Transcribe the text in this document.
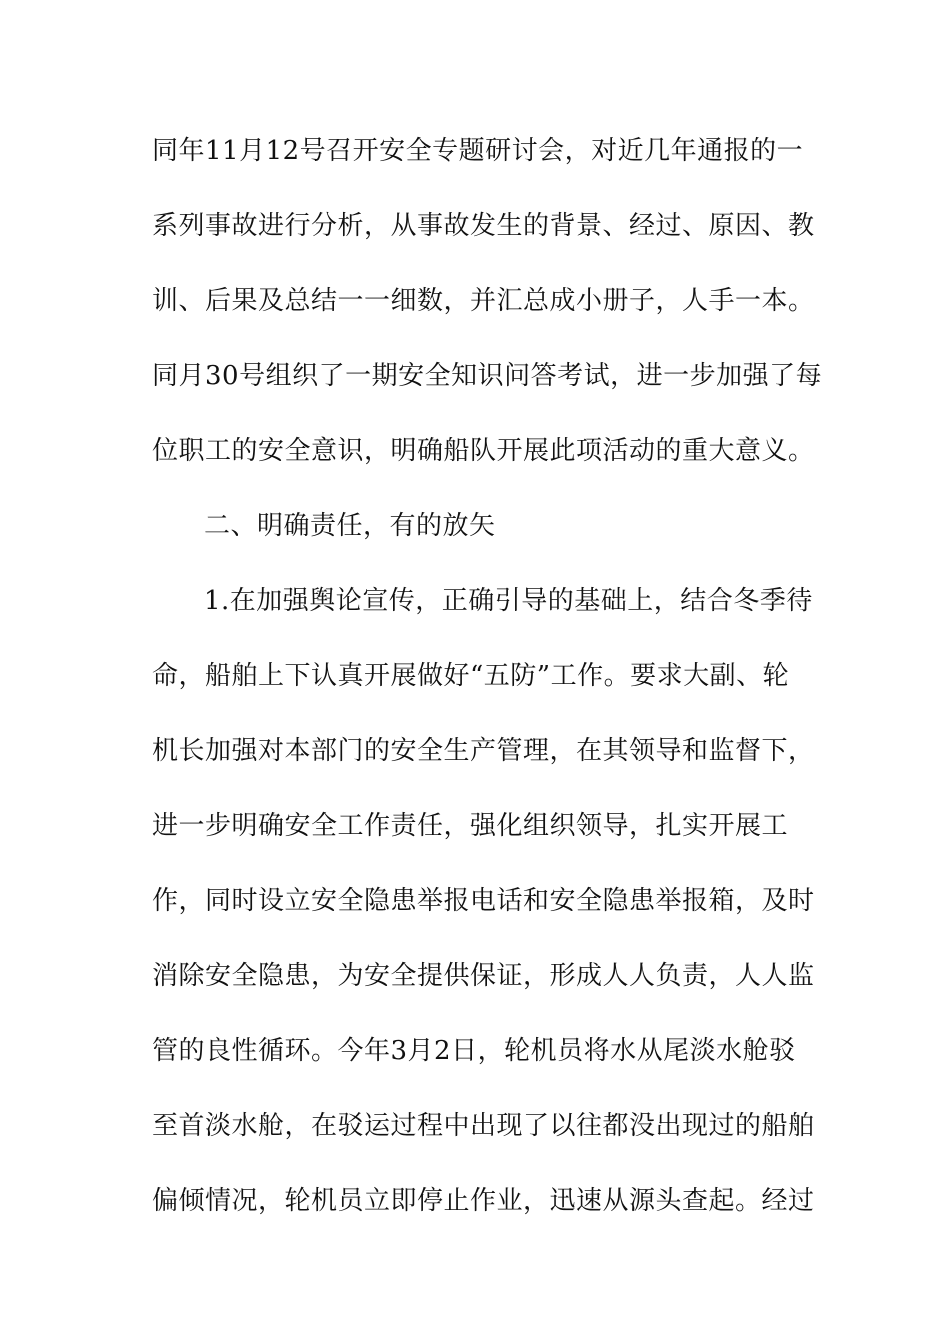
同年11月12号召开安全专题研讨会，对近几年通报的一
系列事故进行分析，从事故发生的背景、经过、原因、教
训、后果及总结一一细数，并汇总成小册子，人手一本。
同月30号组织了一期安全知识问答考试，进一步加强了每
位职工的安全意识，明确船队开展此项活动的重大意义。
二、明确责任，有的放矢
1.在加强舆论宣传，正确引导的基础上，结合冬季待
命，船舶上下认真开展做好“五防”工作。要求大副、轮
机长加强对本部门的安全生产管理，在其领导和监督下，
进一步明确安全工作责任，强化组织领导，扎实开展工
作，同时设立安全隐患举报电话和安全隐患举报箱，及时
消除安全隐患，为安全提供保证，形成人人负责，人人监
管的良性循环。今年3月2日，轮机员将水从尾淡水舱驳
至首淡水舱，在驳运过程中出现了以往都没出现过的船舶
偏倾情况，轮机员立即停止作业，迅速从源头查起。经过
